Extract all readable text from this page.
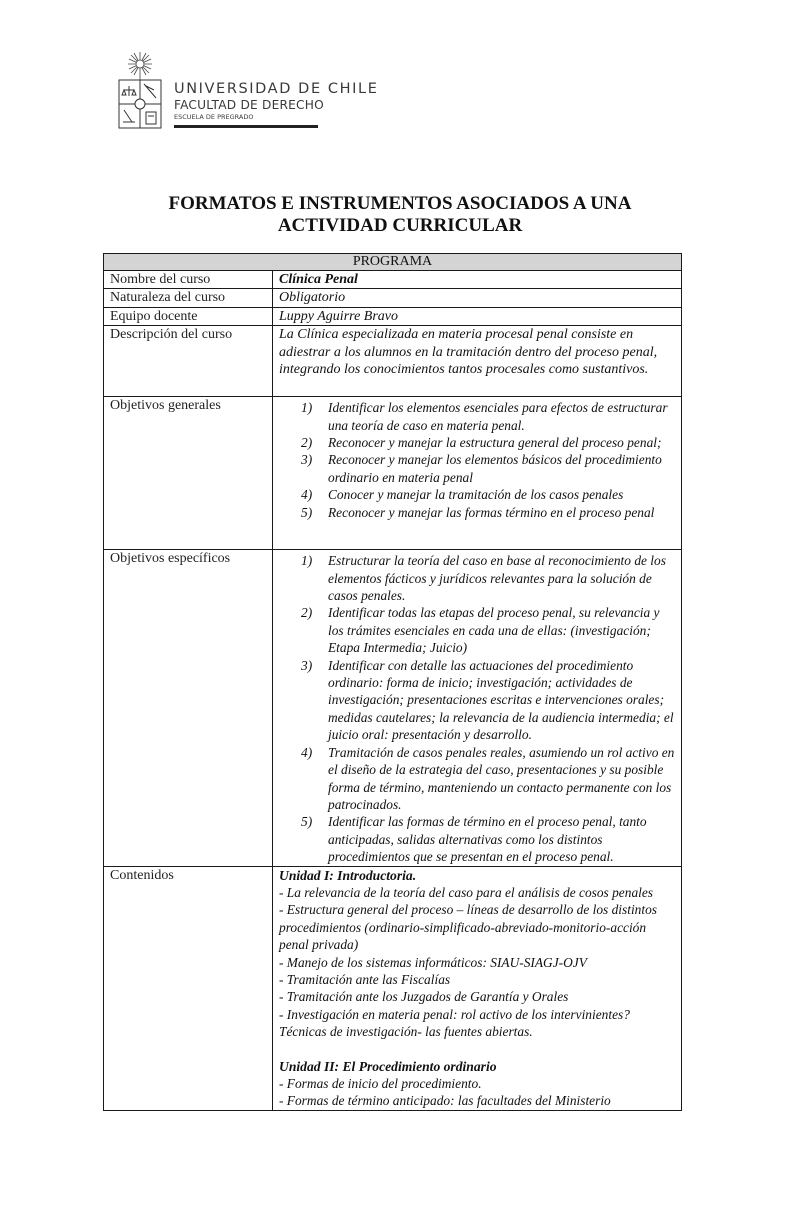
UNIVERSIDAD DE CHILE
FACULTAD DE DERECHO
ESCUELA DE PREGRADO
FORMATOS E INSTRUMENTOS ASOCIADOS A UNA
ACTIVIDAD CURRICULAR
PROGRAMA	
Nombre del curso	Clínica Penal
Naturaleza del curso	Obligatorio
Equipo docente	Luppy Aguirre Bravo
Descripción del curso	La Clínica especializada en materia procesal penal consiste en adiestrar a los alumnos en la tramitación dentro del proceso penal, integrando los conocimientos tantos procesales como sustantivos.

Objetivos generales	1) Identificar los elementos esenciales para efectos de estructurar una teoría de caso en materia penal.
2) Reconocer y manejar la estructura general del proceso penal;
3) Reconocer y manejar los elementos básicos del procedimiento ordinario en materia penal
4) Conocer y manejar la tramitación de los casos penales
5) Reconocer y manejar las formas término en el proceso penal

Objetivos específicos	1) Estructurar la teoría del caso en base al reconocimiento de los elementos fácticos y jurídicos relevantes para la solución de casos penales.
2) Identificar todas las etapas del proceso penal, su relevancia y los trámites esenciales en cada una de ellas: (investigación; Etapa Intermedia; Juicio)
3) Identificar con detalle las actuaciones del procedimiento ordinario: forma de inicio; investigación; actividades de investigación; presentaciones escritas e intervenciones orales; medidas cautelares; la relevancia de la audiencia intermedia; el juicio oral: presentación y desarrollo.
4) Tramitación de casos penales reales, asumiendo un rol activo en el diseño de la estrategia del caso, presentaciones y su posible forma de término, manteniendo un contacto permanente con los patrocinados.
5) Identificar las formas de término en el proceso penal, tanto anticipadas, salidas alternativas como los distintos procedimientos que se presentan en el proceso penal.

Contenidos	Unidad I: Introductoria.

- La relevancia de la teoría del caso para el análisis de cosos penales

- Estructura general del proceso – líneas de desarrollo de los distintos procedimientos (ordinario-simplificado-abreviado-monitorio-acción penal privada)

- Manejo de los sistemas informáticos: SIAU-SIAGJ-OJV

- Tramitación ante las Fiscalías

- Tramitación ante los Juzgados de Garantía y Orales

- Investigación en materia penal: rol activo de los intervinientes? Técnicas de investigación- las fuentes abiertas.

Unidad II: El Procedimiento ordinario

- Formas de inicio del procedimiento.

- Formas de término anticipado: las facultades del Ministerio
